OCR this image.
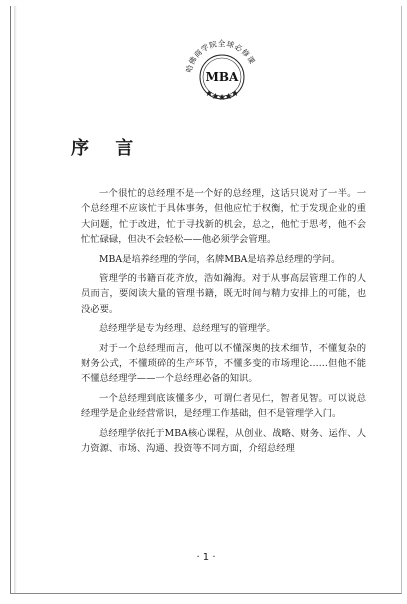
哈佛商学院全球必修课
MBA
序 言

一个很忙的总经理不是一个好的总经理，这话只说对了一半。一个总经理不应该忙于具体事务，但他应忙于权衡，忙于发现企业的重大问题，忙于改进，忙于寻找新的机会，总之，他忙于思考，他不会忙忙碌碌，但决不会轻松——他必须学会管理。

MBA是培养经理的学问，名牌MBA是培养总经理的学问。

管理学的书籍百花齐放，浩如瀚海。对于从事高层管理工作的人员而言，要阅读大量的管理书籍，既无时间与精力安排上的可能，也没必要。

总经理学是专为经理、总经理写的管理学。

对于一个总经理而言，他可以不懂深奥的技术细节，不懂复杂的财务公式，不懂琐碎的生产环节，不懂多变的市场理论……但他不能不懂总经理学——一个总经理必备的知识。

一个总经理到底该懂多少，可谓仁者见仁，智者见智。可以说总经理学是企业经营常识，是经理工作基础，但不是管理学入门。

总经理学依托于MBA核心课程，从创业、战略、财务、运作、人力资源、市场、沟通、投资等不同方面，介绍总经理

· 1 ·
